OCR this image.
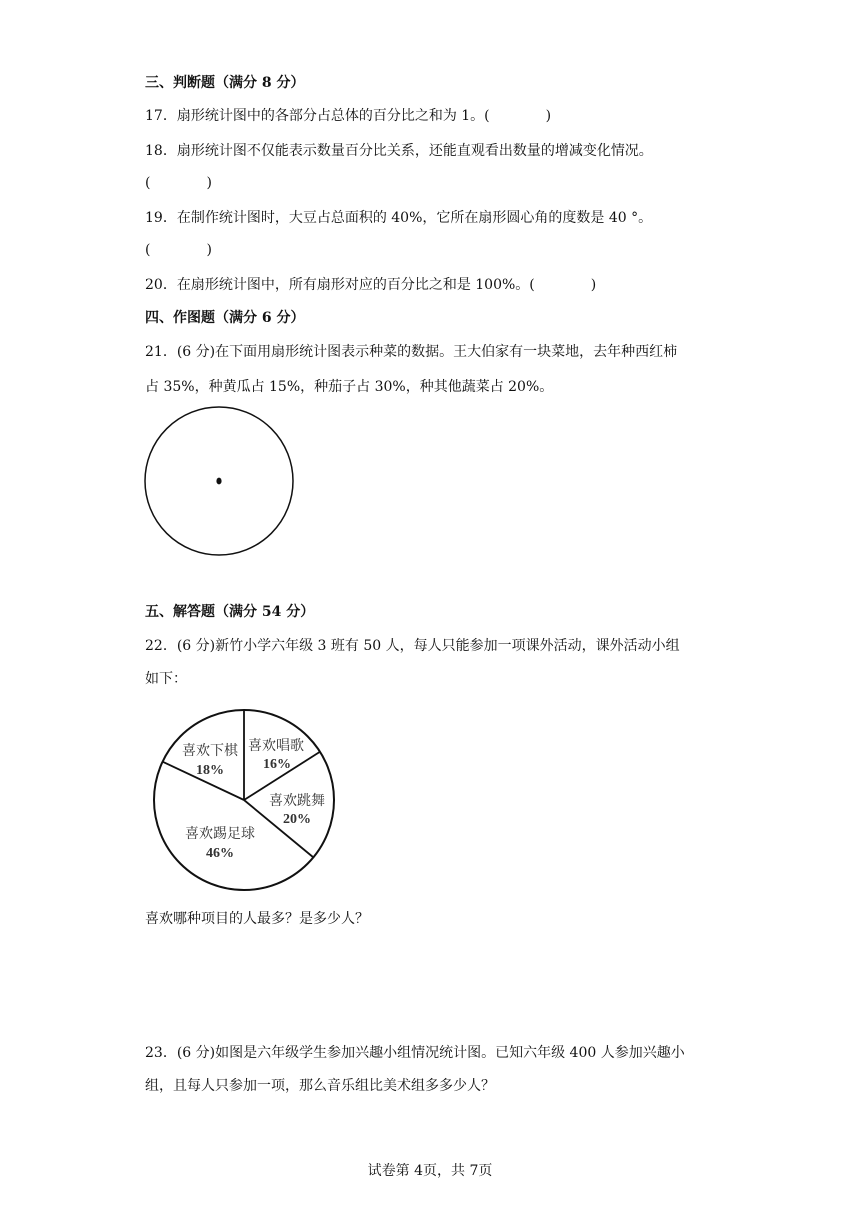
三、判断题（满分 8 分）
17．扇形统计图中的各部分占总体的百分比之和为 1。(　　　　)
18．扇形统计图不仅能表示数量百分比关系，还能直观看出数量的增减变化情况。
(　　　　)
19．在制作统计图时，大豆占总面积的 40%，它所在扇形圆心角的度数是 40 °。
(　　　　)
20．在扇形统计图中，所有扇形对应的百分比之和是 100%。(　　　　)
四、作图题（满分 6 分）
21．(6 分)在下面用扇形统计图表示种菜的数据。王大伯家有一块菜地，去年种西红柿
占 35%，种黄瓜占 15%，种茄子占 30%，种其他蔬菜占 20%。
五、解答题（满分 54 分）
22．(6 分)新竹小学六年级 3 班有 50 人，每人只能参加一项课外活动，课外活动小组
如下：
喜欢唱歌
16%
喜欢跳舞
20%
喜欢踢足球
46%
喜欢下棋
18%
喜欢哪种项目的人最多？是多少人？
23．(6 分)如图是六年级学生参加兴趣小组情况统计图。已知六年级 400 人参加兴趣小
组，且每人只参加一项，那么音乐组比美术组多多少人？
试卷第 4页，共 7页
